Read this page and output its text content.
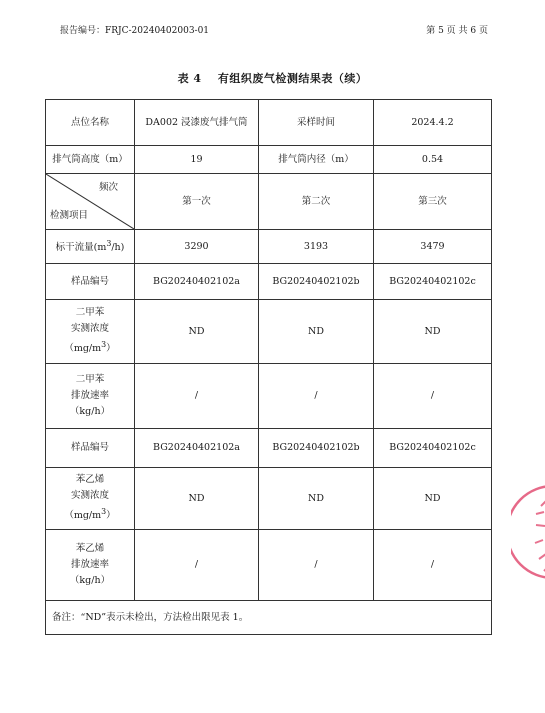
报告编号：FRJC-20240402003-01	第 5 页 共 6 页
表 4 有组织废气检测结果表（续）
点位名称	DA002 浸漆废气排气筒	采样时间	2024.4.2
排气筒高度（m）	19	排气筒内径（m）	0.54

频次
检测项目	第一次	第二次	第三次
标干流量$(m^3/h)$	3290	3193	3479
样品编号	BG20240402102a	BG20240402102b	BG20240402102c

二甲苯
实测浓度
$(mg/m^3)$	ND	ND	ND

二甲苯
排放速率
（kg/h）	/	/	/
样品编号	BG20240402102a	BG20240402102b	BG20240402102c

苯乙烯
实测浓度
$(mg/m^3)$	ND	ND	ND

苯乙烯
排放速率
（kg/h）	/	/	/
备注：“ND”表示未检出，方法检出限见表 1。			
